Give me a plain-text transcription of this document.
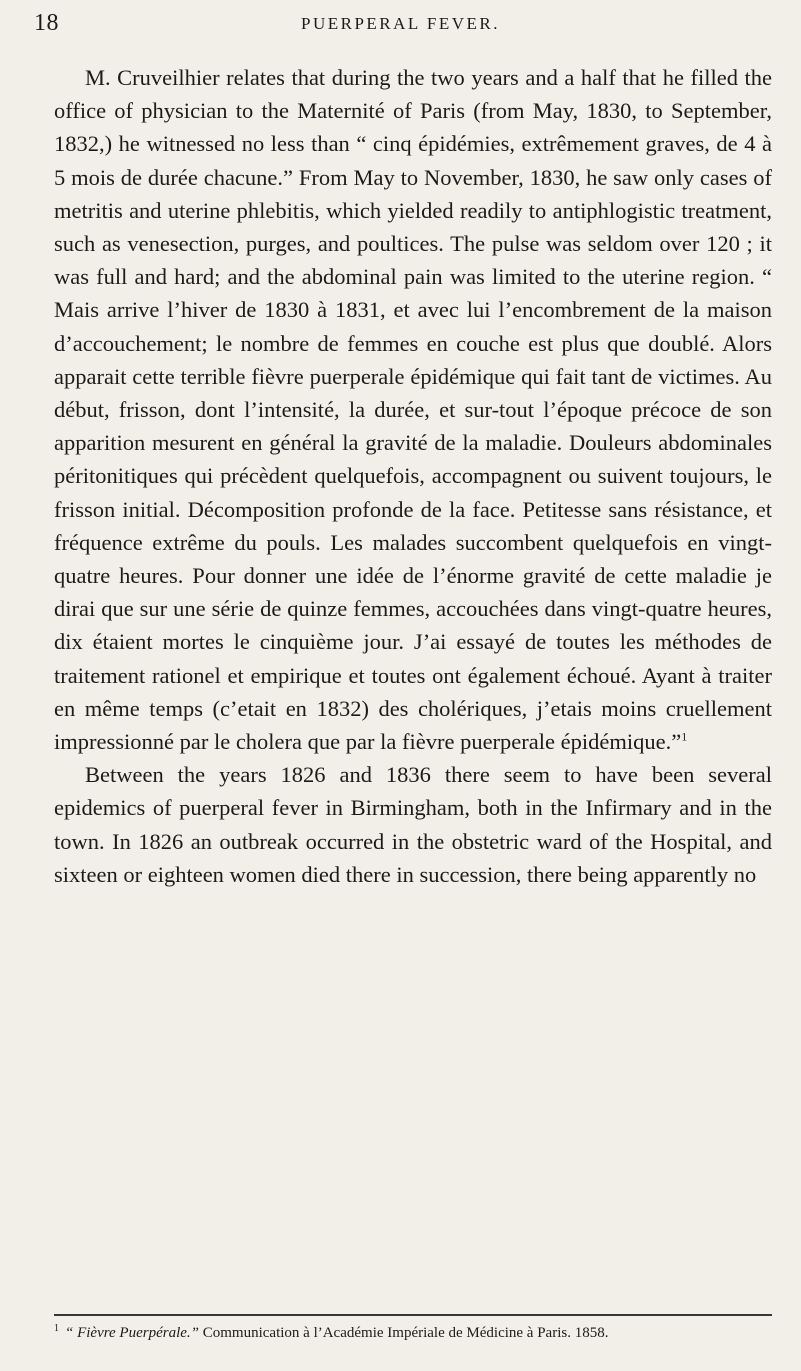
18	PUERPERAL FEVER.

M. Cruveilhier relates that during the two years and a half that he filled the office of physician to the Maternité of Paris (from May, 1830, to September, 1832,) he witnessed no less than “ cinq épidémies, extrêmement graves, de 4 à 5 mois de durée chacune.” From May to November, 1830, he saw only cases of metritis and uterine phlebitis, which yielded readily to antiphlogistic treatment, such as venesection, purges, and poultices. The pulse was seldom over 120 ; it was full and hard; and the abdominal pain was limited to the uterine region. “ Mais arrive l’hiver de 1830 à 1831, et avec lui l’encombrement de la maison d’accouchement; le nombre de femmes en couche est plus que doublé. Alors apparait cette terrible fièvre puerperale épidémique qui fait tant de victimes. Au début, frisson, dont l’intensité, la durée, et sur-tout l’époque précoce de son apparition mesurent en général la gravité de la maladie. Douleurs abdominales péritonitiques qui précèdent quelquefois, accompagnent ou suivent toujours, le frisson initial. Décomposition profonde de la face. Petitesse sans résistance, et fréquence extrême du pouls. Les malades succombent quelquefois en vingt-quatre heures. Pour donner une idée de l’énorme gravité de cette maladie je dirai que sur une série de quinze femmes, accouchées dans vingt-quatre heures, dix étaient mortes le cinquième jour. J’ai essayé de toutes les méthodes de traitement rationel et empirique et toutes ont également échoué. Ayant à traiter en même temps (c’etait en 1832) des cholériques, j’etais moins cruellement impressionné par le cholera que par la fièvre puerperale épidémique.”$^1$

Between the years 1826 and 1836 there seem to have been several epidemics of puerperal fever in Birmingham, both in the Infirmary and in the town. In 1826 an outbreak occurred in the obstetric ward of the Hospital, and sixteen or eighteen women died there in succession, there being apparently no

$^1$ “ Fièvre Puerpérale.” Communication à l’Académie Impériale de Médicine à Paris. 1858.
